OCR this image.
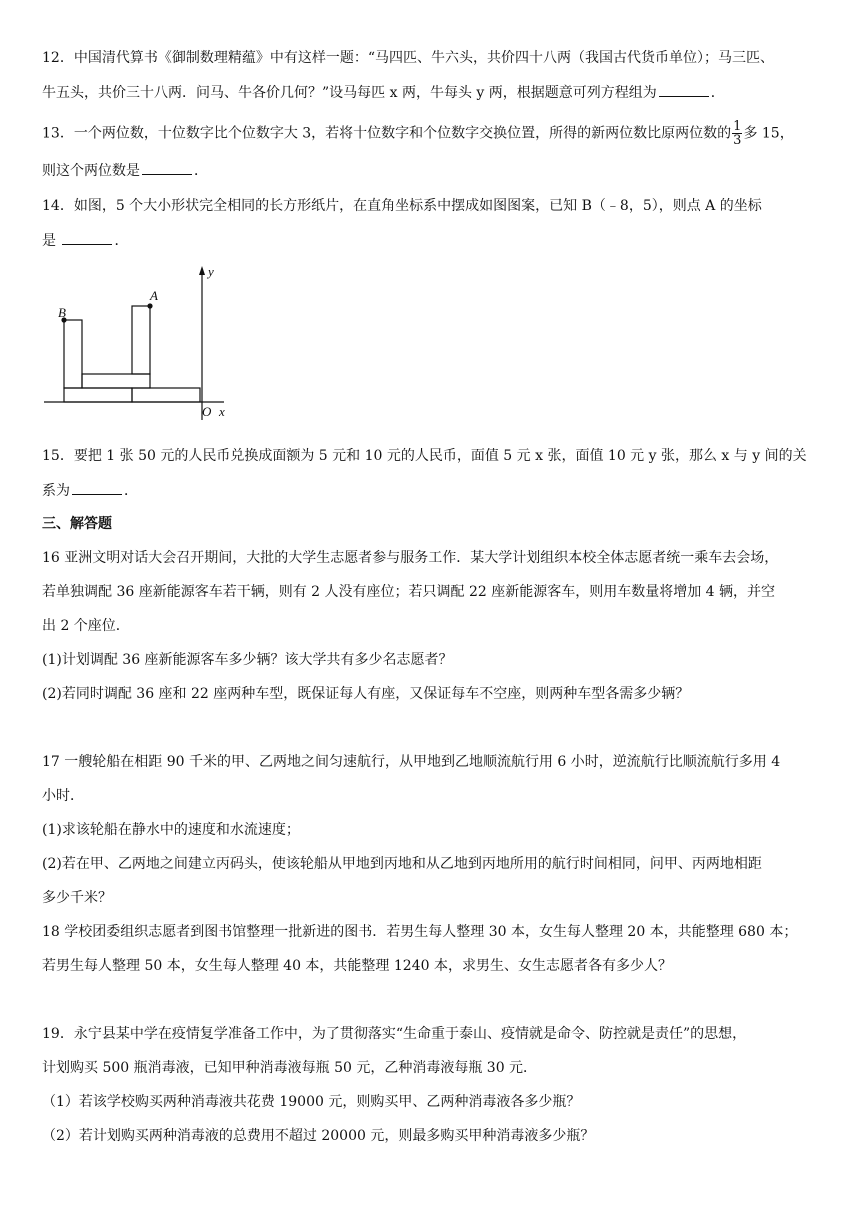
12．中国清代算书《御制数理精蕴》中有这样一题：“马四匹、牛六头，共价四十八两（我国古代货币单位）；马三匹、
牛五头，共价三十八两．问马、牛各价几何？”设马每匹 x 两，牛每头 y 两，根据题意可列方程组为	．
13．一个两位数，十位数字比个位数字大 3，若将十位数字和个位数字交换位置，所得的新两位数比原两位数的 $\frac{1}{3}$ 多 15，
则这个两位数是	．
14．如图，5 个大小形状完全相同的长方形纸片，在直角坐标系中摆成如图图案，已知 B（﹣8，5），则点 A 的坐标
是	．
B
A
y
x
O
15．要把 1 张 50 元的人民币兑换成面额为 5 元和 10 元的人民币，面值 5 元 x 张，面值 10 元 y 张，那么 x 与 y 间的关
系为	．
三、解答题
16 亚洲文明对话大会召开期间，大批的大学生志愿者参与服务工作．某大学计划组织本校全体志愿者统一乘车去会场，
若单独调配 36 座新能源客车若干辆，则有 2 人没有座位；若只调配 22 座新能源客车，则用车数量将增加 4 辆，并空
出 2 个座位．
(1)计划调配 36 座新能源客车多少辆？该大学共有多少名志愿者？
(2)若同时调配 36 座和 22 座两种车型，既保证每人有座，又保证每车不空座，则两种车型各需多少辆？
17 一艘轮船在相距 90 千米的甲、乙两地之间匀速航行，从甲地到乙地顺流航行用 6 小时，逆流航行比顺流航行多用 4
小时．
(1)求该轮船在静水中的速度和水流速度；
(2)若在甲、乙两地之间建立丙码头，使该轮船从甲地到丙地和从乙地到丙地所用的航行时间相同，问甲、丙两地相距
多少千米？
18 学校团委组织志愿者到图书馆整理一批新进的图书．若男生每人整理 30 本，女生每人整理 20 本，共能整理 680 本；
若男生每人整理 50 本，女生每人整理 40 本，共能整理 1240 本，求男生、女生志愿者各有多少人？
19．永宁县某中学在疫情复学准备工作中，为了贯彻落实“生命重于泰山、疫情就是命令、防控就是责任”的思想，
计划购买 500 瓶消毒液，已知甲种消毒液每瓶 50 元，乙种消毒液每瓶 30 元．
（1）若该学校购买两种消毒液共花费 19000 元，则购买甲、乙两种消毒液各多少瓶？
（2）若计划购买两种消毒液的总费用不超过 20000 元，则最多购买甲种消毒液多少瓶？
